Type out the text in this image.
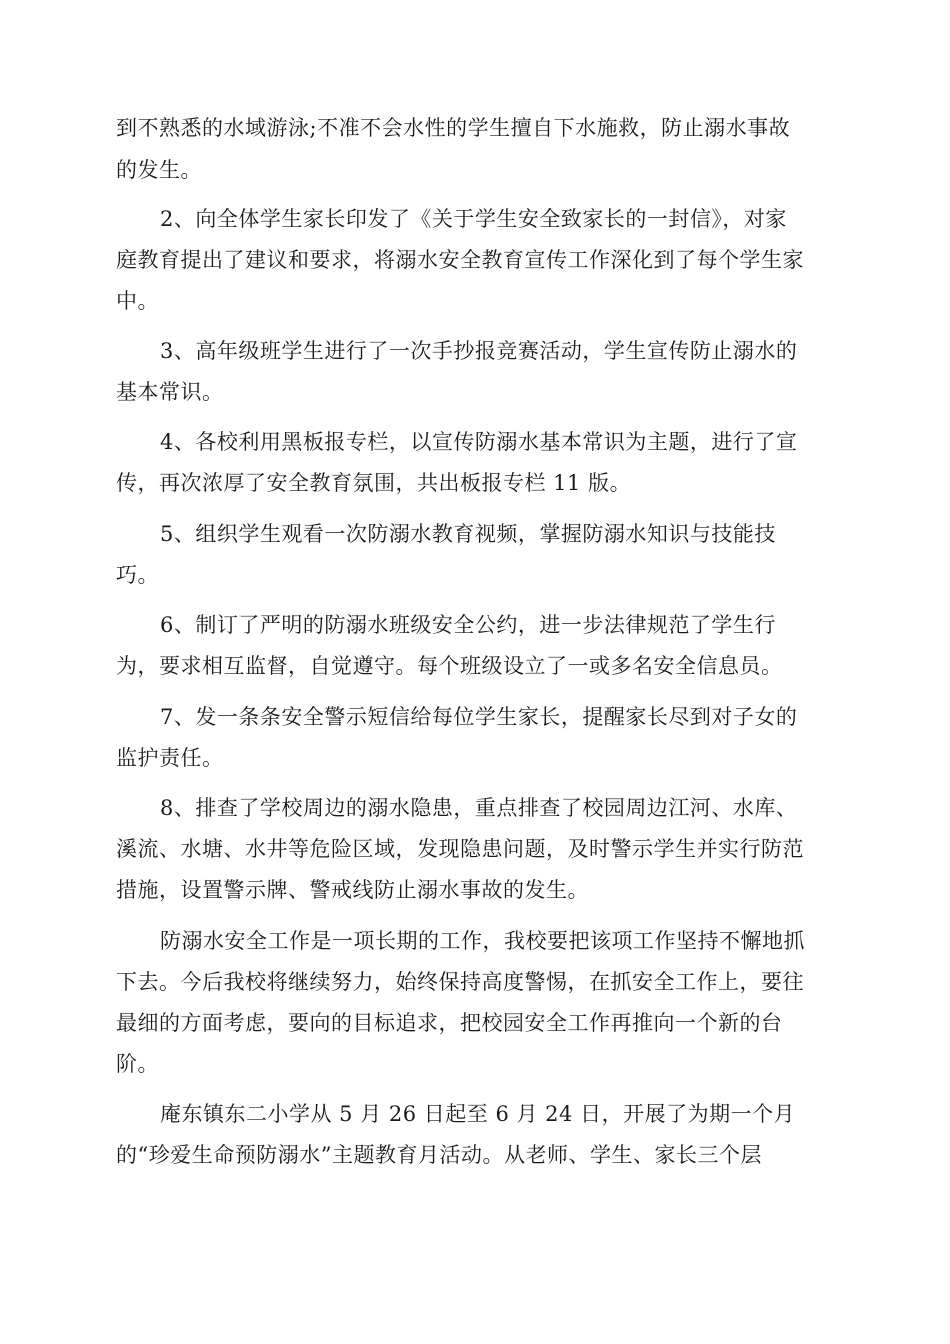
到不熟悉的水域游泳;不准不会水性的学生擅自下水施救，防止溺水事故
的发生。
2、向全体学生家长印发了《关于学生安全致家长的一封信》，对家
庭教育提出了建议和要求，将溺水安全教育宣传工作深化到了每个学生家
中。
3、高年级班学生进行了一次手抄报竞赛活动，学生宣传防止溺水的
基本常识。
4、各校利用黑板报专栏，以宣传防溺水基本常识为主题，进行了宣
传，再次浓厚了安全教育氛围，共出板报专栏 11 版。
5、组织学生观看一次防溺水教育视频，掌握防溺水知识与技能技
巧。
6、制订了严明的防溺水班级安全公约，进一步法律规范了学生行
为，要求相互监督，自觉遵守。每个班级设立了一或多名安全信息员。
7、发一条条安全警示短信给每位学生家长，提醒家长尽到对子女的
监护责任。
8、排查了学校周边的溺水隐患，重点排查了校园周边江河、水库、
溪流、水塘、水井等危险区域，发现隐患问题，及时警示学生并实行防范
措施，设置警示牌、警戒线防止溺水事故的发生。
防溺水安全工作是一项长期的工作，我校要把该项工作坚持不懈地抓
下去。今后我校将继续努力，始终保持高度警惕，在抓安全工作上，要往
最细的方面考虑，要向的目标追求，把校园安全工作再推向一个新的台
阶。
庵东镇东二小学从 5 月 26 日起至 6 月 24 日，开展了为期一个月
的“珍爱生命预防溺水”主题教育月活动。从老师、学生、家长三个层
